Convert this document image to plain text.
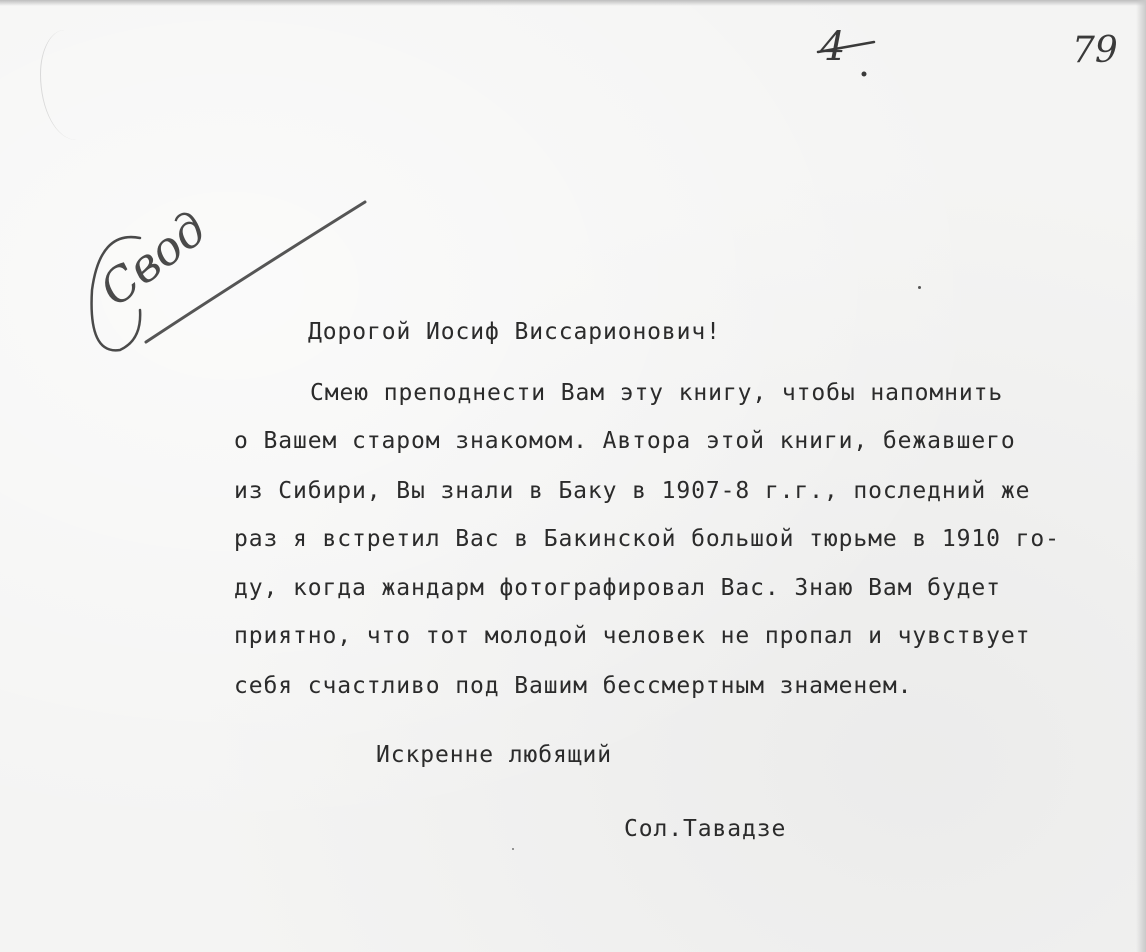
4	79
Свод
Дорогой Иосиф Виссарионович!
Смею преподнести Вам эту книгу, чтобы напомнить
о Вашем старом знакомом. Автора этой книги, бежавшего
из Сибири, Вы знали в Баку в 1907-8 г.г., последний же
раз я встретил Вас в Бакинской большой тюрьме в 1910 го-
ду, когда жандарм фотографировал Вас. Знаю Вам будет
приятно, что тот молодой человек не пропал и чувствует
себя счастливо под Вашим бессмертным знаменем.
Искренне любящий
Сол.Тавадзе
